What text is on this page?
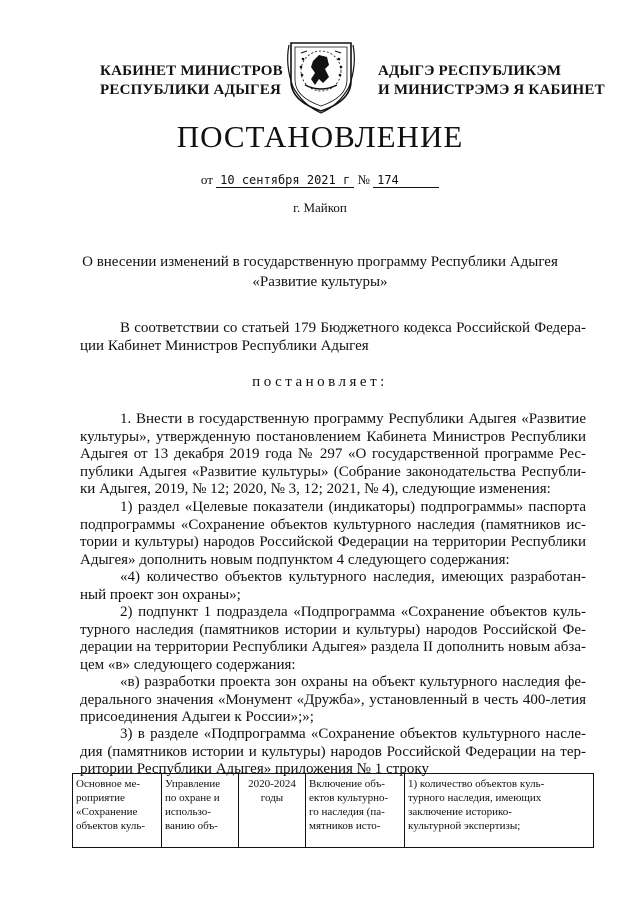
КАБИНЕТ МИНИСТРОВ
РЕСПУБЛИКИ АДЫГЕЯ
АДЫГЭ РЕСПУБЛИКЭМ
И МИНИСТРЭМЭ Я КАБИНЕТ
ПОСТАНОВЛЕНИЕ
от 10 сентября 2021 г № 174
г. Майкоп
О внесении изменений в государственную программу Республики Адыгея
«Развитие культуры»
В соответствии со статьей 179 Бюджетного кодекса Российской Федера-
ции Кабинет Министров Республики Адыгея
постановляет:
1. Внести в государственную программу Республики Адыгея «Развитие
культуры», утвержденную постановлением Кабинета Министров Республики
Адыгея от 13 декабря 2019 года № 297 «О государственной программе Рес-
публики Адыгея «Развитие культуры» (Собрание законодательства Республи-
ки Адыгея, 2019, № 12; 2020, № 3, 12; 2021, № 4), следующие изменения:
1) раздел «Целевые показатели (индикаторы) подпрограммы» паспорта
подпрограммы «Сохранение объектов культурного наследия (памятников ис-
тории и культуры) народов Российской Федерации на территории Республики
Адыгея» дополнить новым подпунктом 4 следующего содержания:
«4) количество объектов культурного наследия, имеющих разработан-
ный проект зон охраны»;
2) подпункт 1 подраздела «Подпрограмма «Сохранение объектов куль-
турного наследия (памятников истории и культуры) народов Российской Фе-
дерации на территории Республики Адыгея» раздела II дополнить новым абза-
цем «в» следующего содержания:
«в) разработки проекта зон охраны на объект культурного наследия фе-
дерального значения «Монумент «Дружба», установленный в честь 400-летия
присоединения Адыгеи к России»;»;
3) в разделе «Подпрограмма «Сохранение объектов культурного насле-
дия (памятников истории и культуры) народов Российской Федерации на тер-
ритории Республики Адыгея» приложения № 1 строку
Основное ме-
роприятие
«Сохранение
объектов куль-

Управление
по охране и
использо-
ванию объ-

2020-2024
годы

Включение объ-
ектов культурно-
го наследия (па-
мятников исто-

1) количество объектов куль-
турного наследия, имеющих
заключение историко-
культурной экспертизы;
